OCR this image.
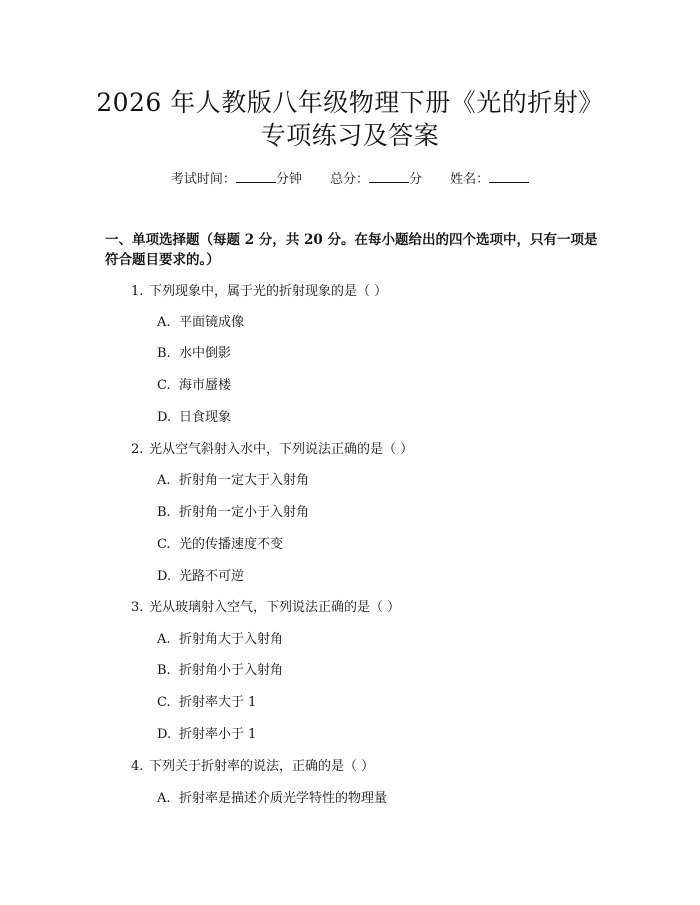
2026 年人教版八年级物理下册《光的折射》
专项练习及答案
考试时间：	分钟 总分：	分 姓名：
一、单项选择题（每题 2 分，共 20 分。在每小题给出的四个选项中，只有一项是
符合题目要求的。）
1. 下列现象中，属于光的折射现象的是（ ）
A. 平面镜成像
B. 水中倒影
C. 海市蜃楼
D. 日食现象
2. 光从空气斜射入水中，下列说法正确的是（ ）
A. 折射角一定大于入射角
B. 折射角一定小于入射角
C. 光的传播速度不变
D. 光路不可逆
3. 光从玻璃射入空气，下列说法正确的是（ ）
A. 折射角大于入射角
B. 折射角小于入射角
C. 折射率大于 1
D. 折射率小于 1
4. 下列关于折射率的说法，正确的是（ ）
A. 折射率是描述介质光学特性的物理量
